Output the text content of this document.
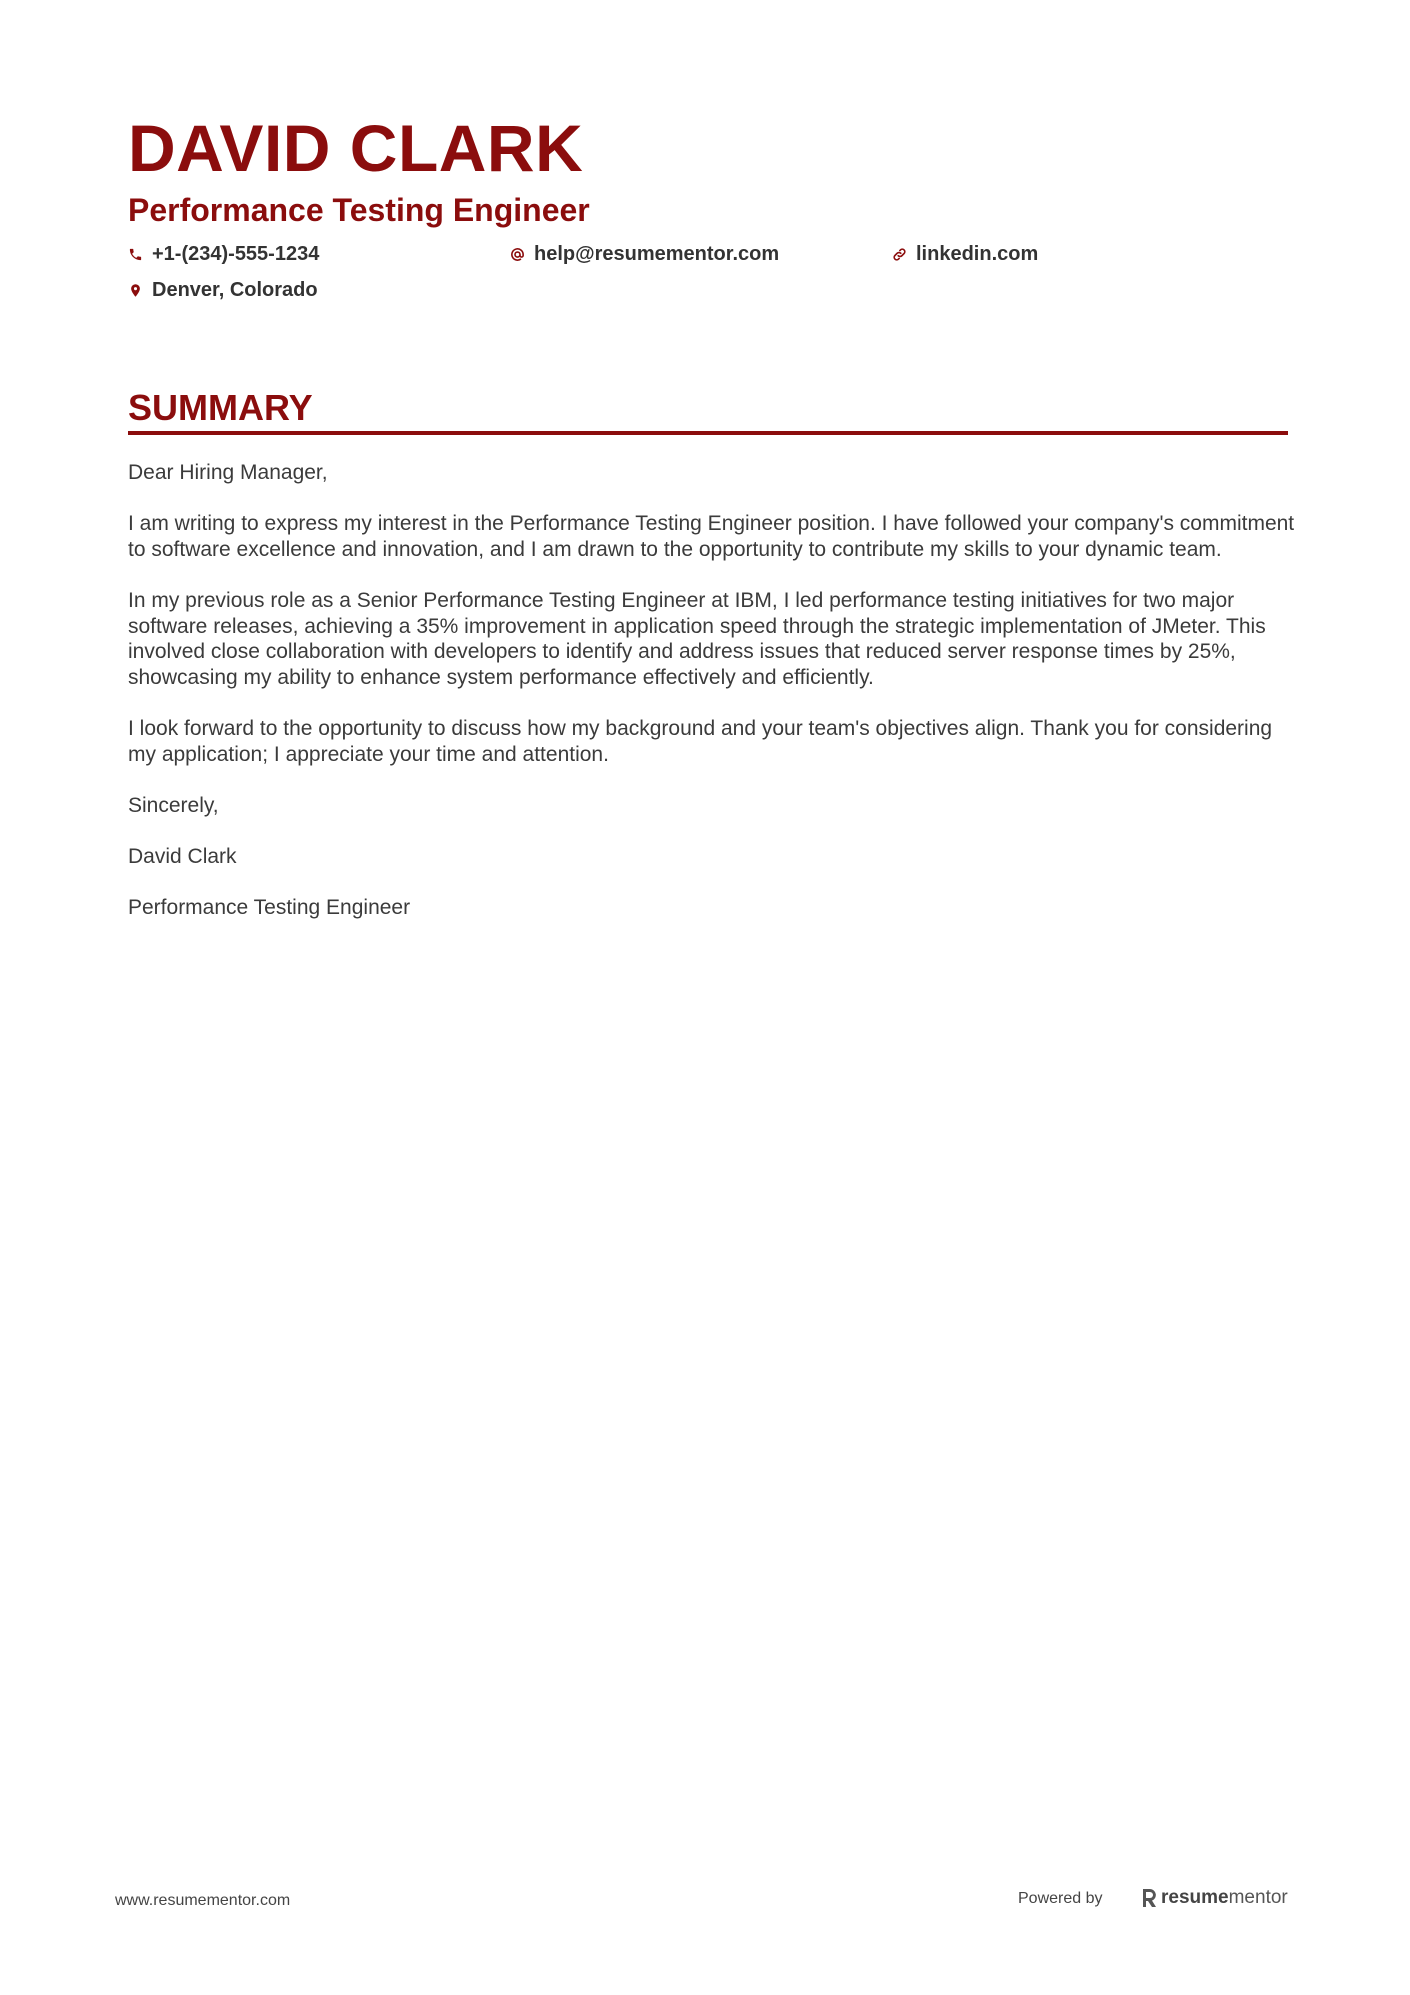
DAVID CLARK
Performance Testing Engineer
+1-(234)-555-1234	help@resumementor.com	linkedin.com
Denver, Colorado
SUMMARY

Dear Hiring Manager,

I am writing to express my interest in the Performance Testing Engineer position. I have followed your company's commitment to software excellence and innovation, and I am drawn to the opportunity to contribute my skills to your dynamic team.

In my previous role as a Senior Performance Testing Engineer at IBM, I led performance testing initiatives for two major software releases, achieving a 35% improvement in application speed through the strategic implementation of JMeter. This involved close collaboration with developers to identify and address issues that reduced server response times by 25%, showcasing my ability to enhance system performance effectively and efficiently.

I look forward to the opportunity to discuss how my background and your team's objectives align. Thank you for considering my application; I appreciate your time and attention.

Sincerely,

David Clark

Performance Testing Engineer

www.resumementor.com	Powered by	resume mentor
